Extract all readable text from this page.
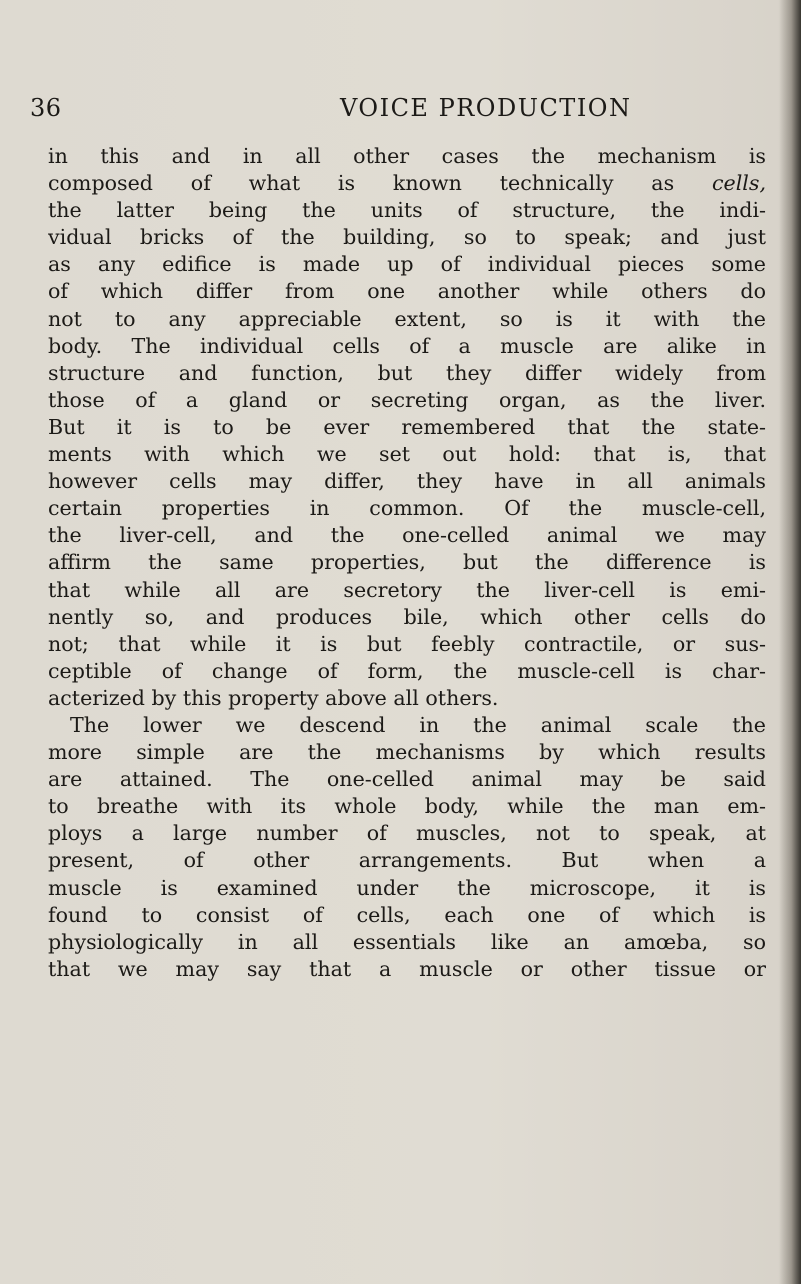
36	VOICE PRODUCTION
in this and in all other cases the mechanism is
composed of what is known technically as cells,
the latter being the units of structure, the indi-
vidual bricks of the building, so to speak; and just
as any edifice is made up of individual pieces some
of which differ from one another while others do
not to any appreciable extent, so is it with the
body. The individual cells of a muscle are alike in
structure and function, but they differ widely from
those of a gland or secreting organ, as the liver.
But it is to be ever remembered that the state-
ments with which we set out hold: that is, that
however cells may differ, they have in all animals
certain properties in common. Of the muscle-cell,
the liver-cell, and the one-celled animal we may
affirm the same properties, but the difference is
that while all are secretory the liver-cell is emi-
nently so, and produces bile, which other cells do
not; that while it is but feebly contractile, or sus-
ceptible of change of form, the muscle-cell is char-
acterized by this property above all others.
The lower we descend in the animal scale the
more simple are the mechanisms by which results
are attained. The one-celled animal may be said
to breathe with its whole body, while the man em-
ploys a large number of muscles, not to speak, at
present, of other arrangements. But when a
muscle is examined under the microscope, it is
found to consist of cells, each one of which is
physiologically in all essentials like an amœba, so
that we may say that a muscle or other tissue or
